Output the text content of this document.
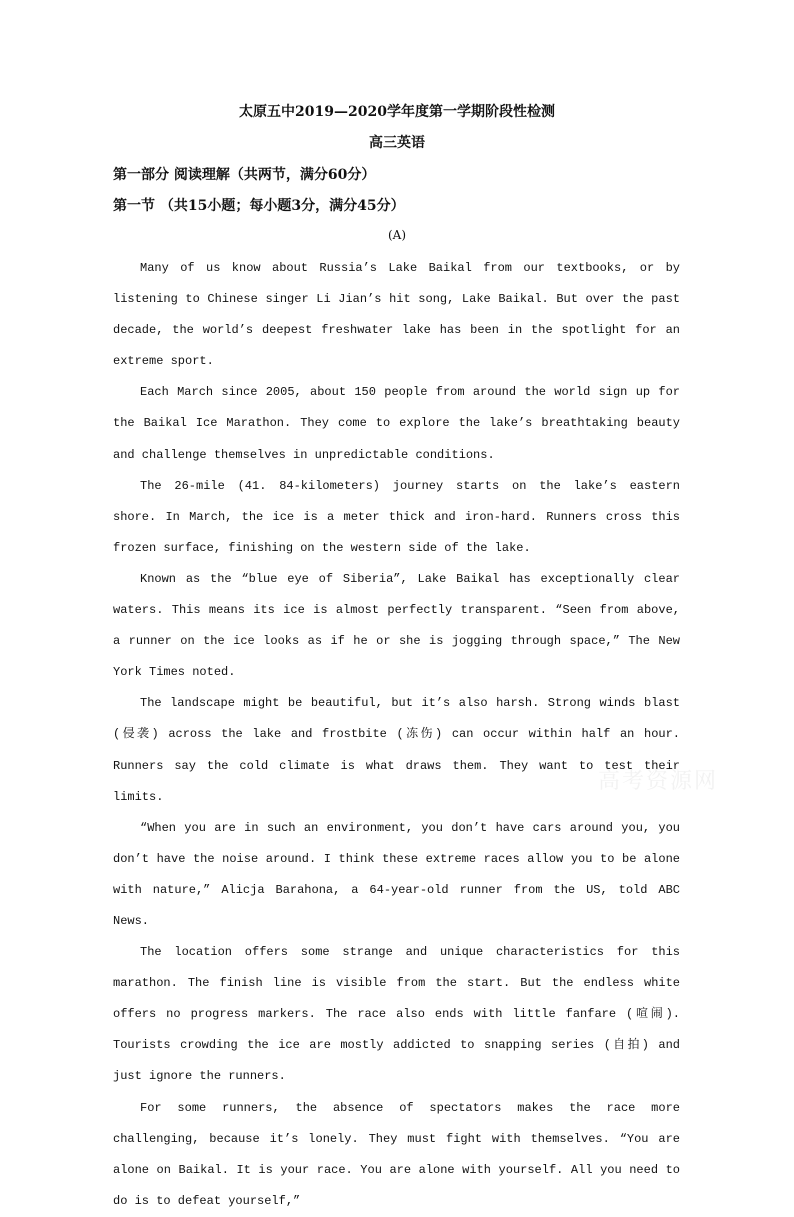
太原五中2019—2020学年度第一学期阶段性检测
高三英语
第一部分 阅读理解（共两节，满分60分）
第一节 （共15小题；每小题3分，满分45分）
(A)

Many of us know about Russia’s Lake Baikal from our textbooks, or by listening to Chinese singer Li Jian’s hit song, Lake Baikal. But over the past decade, the world’s deepest freshwater lake has been in the spotlight for an extreme sport.

Each March since 2005, about 150 people from around the world sign up for the Baikal Ice Marathon. They come to explore the lake’s breathtaking beauty and challenge themselves in unpredictable conditions.

The 26-mile (41. 84-kilometers) journey starts on the lake’s eastern shore. In March, the ice is a meter thick and iron-hard. Runners cross this frozen surface, finishing on the western side of the lake.

Known as the “blue eye of Siberia”, Lake Baikal has exceptionally clear waters. This means its ice is almost perfectly transparent. “Seen from above, a runner on the ice looks as if he or she is jogging through space,” The New York Times noted.

The landscape might be beautiful, but it’s also harsh. Strong winds blast (侵袭) across the lake and frostbite (冻伤) can occur within half an hour. Runners say the cold climate is what draws them. They want to test their limits.

“When you are in such an environment, you don’t have cars around you, you don’t have the noise around. I think these extreme races allow you to be alone with nature,” Alicja Barahona, a 64-year-old runner from the US, told ABC News.

The location offers some strange and unique characteristics for this marathon. The finish line is visible from the start. But the endless white offers no progress markers. The race also ends with little fanfare (喧闹). Tourists crowding the ice are mostly addicted to snapping series (自拍) and just ignore the runners.

For some runners, the absence of spectators makes the race more challenging, because it’s lonely. They must fight with themselves. “You are alone on Baikal. It is your race. You are alone with yourself. All you need to do is to defeat yourself,”

高考资源网
